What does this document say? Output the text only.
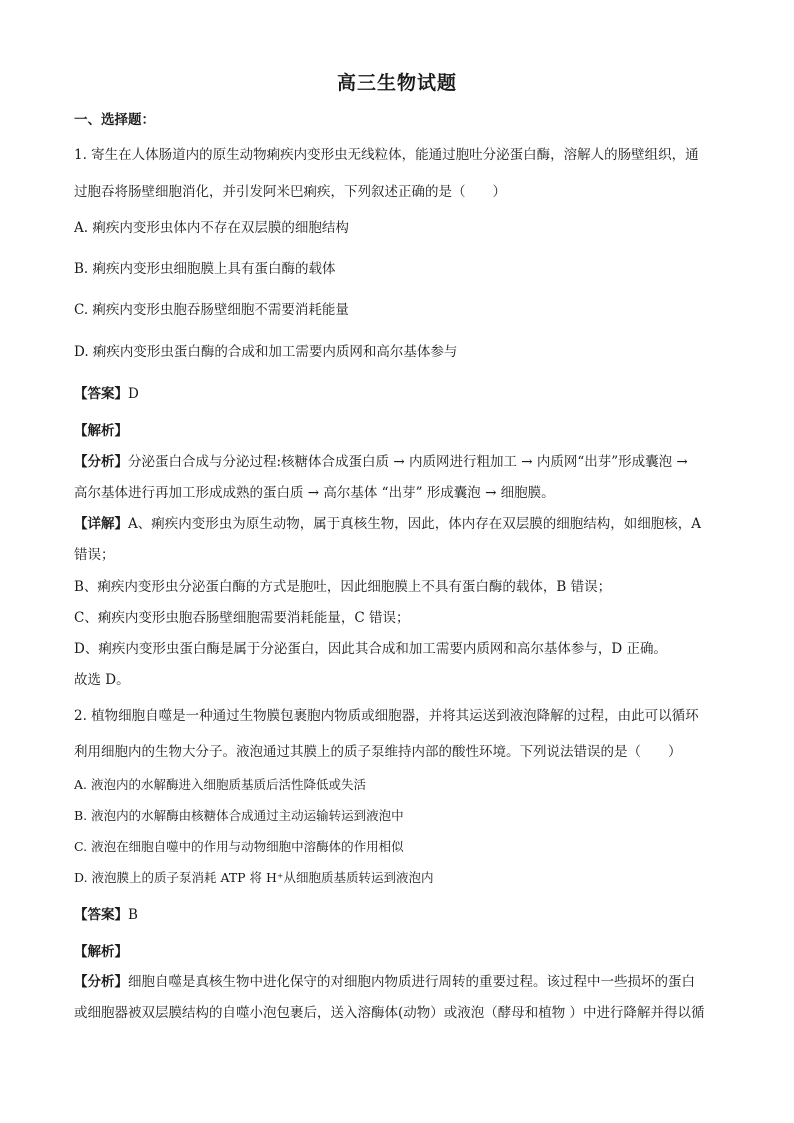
高三生物试题
一、选择题：
1. 寄生在人体肠道内的原生动物痢疾内变形虫无线粒体，能通过胞吐分泌蛋白酶，溶解人的肠壁组织，通
过胞吞将肠壁细胞消化，并引发阿米巴痢疾，下列叙述正确的是（　　）
A. 痢疾内变形虫体内不存在双层膜的细胞结构
B. 痢疾内变形虫细胞膜上具有蛋白酶的载体
C. 痢疾内变形虫胞吞肠壁细胞不需要消耗能量
D. 痢疾内变形虫蛋白酶的合成和加工需要内质网和高尔基体参与
【答案】D
【解析】
【分析】分泌蛋白合成与分泌过程:核糖体合成蛋白质 → 内质网进行粗加工 → 内质网“出芽”形成囊泡 →
高尔基体进行再加工形成成熟的蛋白质 → 高尔基体 “出芽” 形成囊泡 → 细胞膜。
【详解】A、痢疾内变形虫为原生动物，属于真核生物，因此，体内存在双层膜的细胞结构，如细胞核，A
错误；
B、痢疾内变形虫分泌蛋白酶的方式是胞吐，因此细胞膜上不具有蛋白酶的载体，B 错误；
C、痢疾内变形虫胞吞肠壁细胞需要消耗能量，C 错误；
D、痢疾内变形虫蛋白酶是属于分泌蛋白，因此其合成和加工需要内质网和高尔基体参与，D 正确。
故选 D。
2. 植物细胞自噬是一种通过生物膜包裹胞内物质或细胞器，并将其运送到液泡降解的过程，由此可以循环
利用细胞内的生物大分子。液泡通过其膜上的质子泵维持内部的酸性环境。下列说法错误的是（　　）
A. 液泡内的水解酶进入细胞质基质后活性降低或失活
B. 液泡内的水解酶由核糖体合成通过主动运输转运到液泡中
C. 液泡在细胞自噬中的作用与动物细胞中溶酶体的作用相似
D. 液泡膜上的质子泵消耗 ATP 将 H⁺从细胞质基质转运到液泡内
【答案】B
【解析】
【分析】细胞自噬是真核生物中进化保守的对细胞内物质进行周转的重要过程。该过程中一些损坏的蛋白
或细胞器被双层膜结构的自噬小泡包裹后，送入溶酶体(动物）或液泡（酵母和植物 ）中进行降解并得以循
